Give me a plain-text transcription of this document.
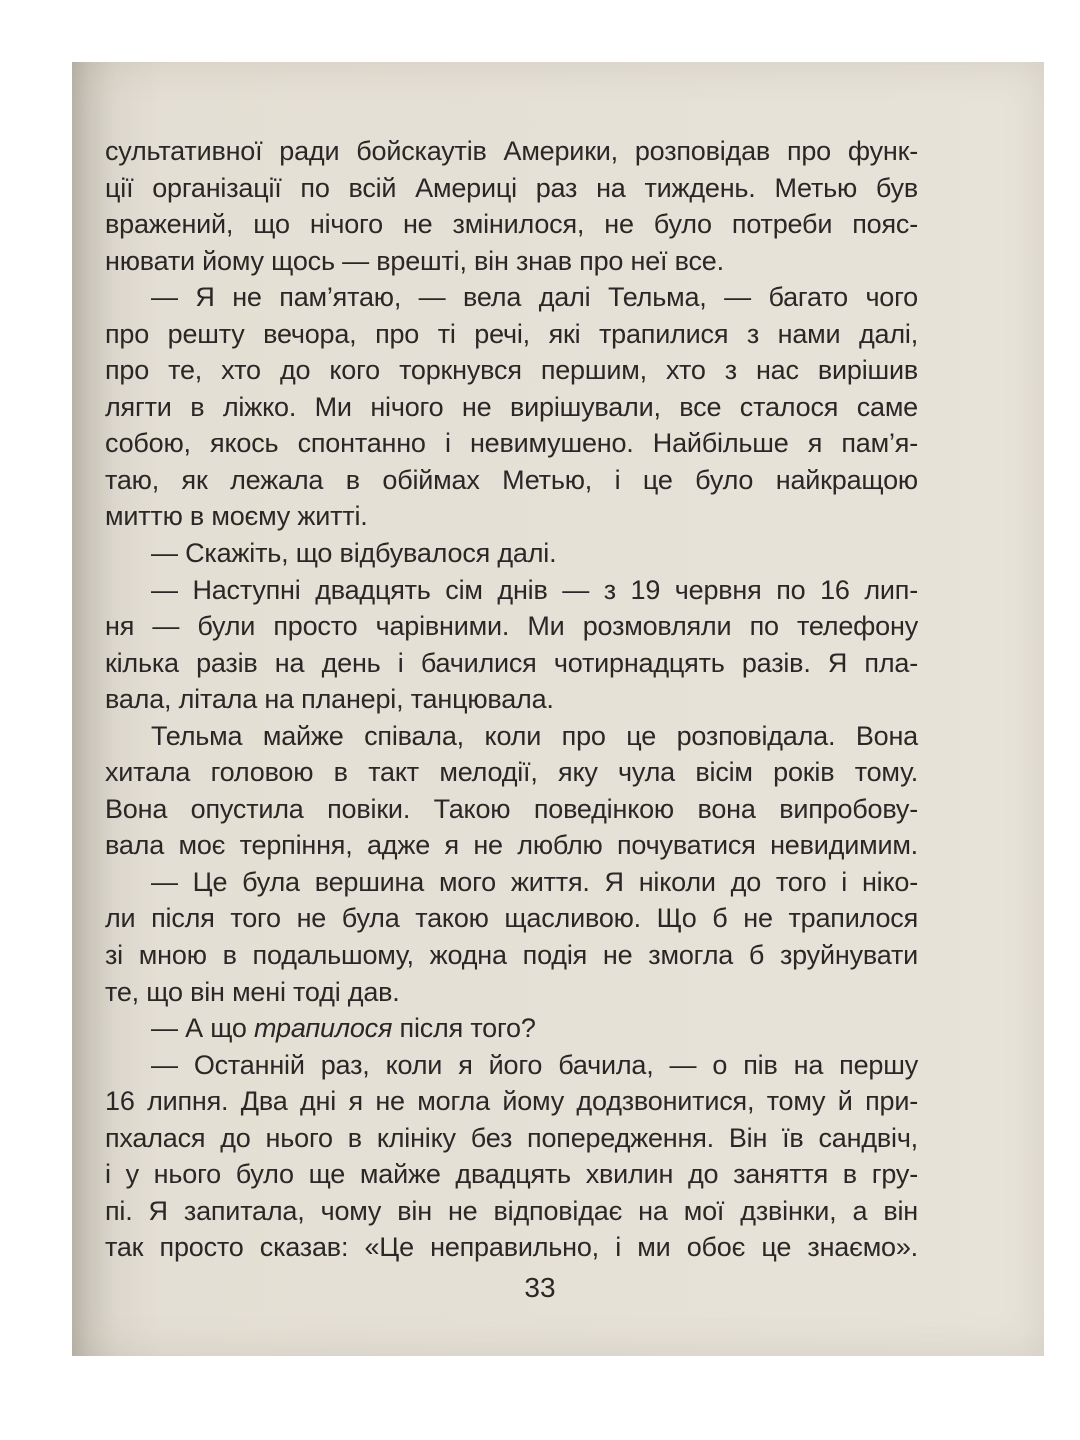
сультативної ради бойскаутів Америки, розповідав про функ-
ції організації по всій Америці раз на тиждень. Метью був
вражений, що нічого не змінилося, не було потреби пояс-
нювати йому щось — врешті, він знав про неї все.
— Я не пам’ятаю, — вела далі Тельма, — багато чого
про решту вечора, про ті речі, які трапилися з нами далі,
про те, хто до кого торкнувся першим, хто з нас вирішив
лягти в ліжко. Ми нічого не вирішували, все сталося саме
собою, якось спонтанно і невимушено. Найбільше я пам’я-
таю, як лежала в обіймах Метью, і це було найкращою
миттю в моєму житті.
— Скажіть, що відбувалося далі.
— Наступні двадцять сім днів — з 19 червня по 16 лип-
ня — були просто чарівними. Ми розмовляли по телефону
кілька разів на день і бачилися чотирнадцять разів. Я пла-
вала, літала на планері, танцювала.
Тельма майже співала, коли про це розповідала. Вона
хитала головою в такт мелодії, яку чула вісім років тому.
Вона опустила повіки. Такою поведінкою вона випробову-
вала моє терпіння, адже я не люблю почуватися невидимим.
— Це була вершина мого життя. Я ніколи до того і ніко-
ли після того не була такою щасливою. Що б не трапилося
зі мною в подальшому, жодна подія не змогла б зруйнувати
те, що він мені тоді дав.
— А що трапилося після того?
— Останній раз, коли я його бачила, — о пів на першу
16 липня. Два дні я не могла йому додзвонитися, тому й при-
пхалася до нього в клініку без попередження. Він їв сандвіч,
і у нього було ще майже двадцять хвилин до заняття в гру-
пі. Я запитала, чому він не відповідає на мої дзвінки, а він
так просто сказав: «Це неправильно, і ми обоє це знаємо».
33
